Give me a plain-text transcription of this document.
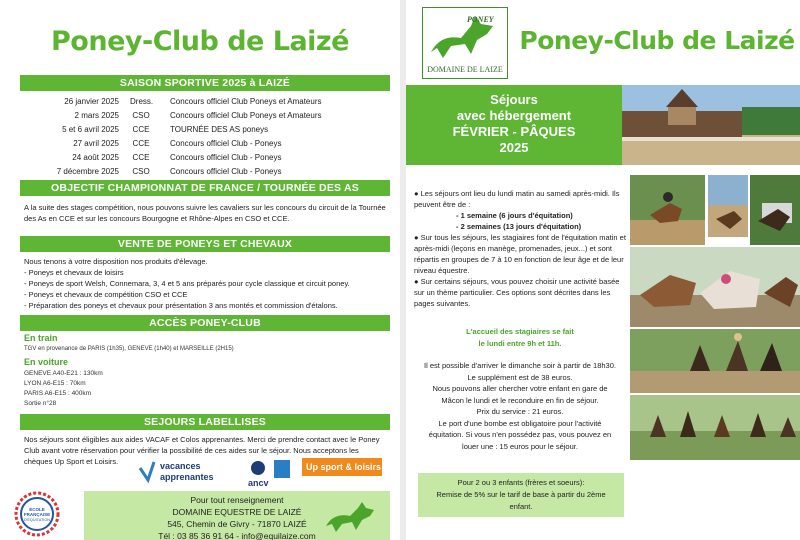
Poney-Club de Laizé
SAISON SPORTIVE 2025 à LAIZÉ
26 janvier 2025 Dress. Concours officiel Club Poneys et Amateurs
2 mars 2025 CSO	Concours officiel Club Poneys et Amateurs
5 et 6 avril 2025	CCE	TOURNÉE DES AS poneys
27 avril 2025	CCE	Concours officiel Club - Poneys
24 août 2025	CCE	Concours officiel Club - Poneys
7 décembre 2025 CSO	Concours officiel Club - Poneys
OBJECTIF CHAMPIONNAT DE FRANCE / TOURNÉE DES AS
A la suite des stages compétition, nous pouvons suivre les cavaliers sur les concours du circuit de la Tournée des As en CCE et sur les concours Bourgogne et Rhône-Alpes en CSO et CCE.
VENTE DE PONEYS ET CHEVAUX
Nous tenons à votre disposition nos produits d'élevage.
- Poneys et chevaux de loisirs
- Poneys de sport Welsh, Connemara, 3, 4 et 5 ans préparés pour cycle classique et circuit poney.
- Poneys et chevaux de compétition CSO et CCE
- Préparation des poneys et chevaux pour présentation 3 ans montés et commission d'étalons.
ACCÈS PONEY-CLUB
En train
TGV en provenance de PARIS (1h35), GENEVE (1h40) et MARSEILLE (2H15)
En voiture
GENEVE A40-E21 : 130km
LYON A6-E15 : 70km
PARIS A6-E15 : 400km
Sortie n°28
SEJOURS LABELLISES
Nos séjours sont éligibles aux aides VACAF et Colos apprenantes. Merci de prendre contact avec le Poney Club avant votre réservation pour vérifier la possibilité de ces aides sur le séjour. Nous acceptons les chèques Up Sport et Loisirs.	vacances
apprenantes
ancv
Up sport & loisirs
ÉCOLE
FRANÇAISE
D'ÉQUITATION
Pour tout renseignement
DOMAINE EQUESTRE DE LAIZÉ
545, Chemin de Givry - 71870 LAIZÉ
Tél : 03 85 36 91 64 - info@equilaize.com
PONEY
DOMAINE DE LAIZE
Poney-Club de Laizé
Séjours
avec hébergement
FÉVRIER - PÂQUES
2025
● Les séjours ont lieu du lundi matin au samedi après-midi. Ils peuvent être de :
- 1 semaine (6 jours d'équitation)
- 2 semaines (13 jours d'équitation)
● Sur tous les séjours, les stagiaires font de l'équitation matin et après-midi (leçons en manège, promenades, jeux...) et sont répartis en groupes de 7 à 10 en fonction de leur âge et de leur niveau équestre.
● Sur certains séjours, vous pouvez choisir une activité basée sur un thème particulier. Ces options sont décrites dans les pages suivantes.
L'accueil des stagiaires se fait
le lundi entre 9h et 11h.
Il est possible d'arriver le dimanche soir à partir de 18h30.
Le supplément est de 38 euros.
Nous pouvons aller chercher votre enfant en gare de
Mâcon le lundi et le reconduire en fin de séjour.
Prix du service : 21 euros.
Le port d'une bombe est obligatoire pour l'activité
équitation. Si vous n'en possédez pas, vous pouvez en
louer une : 15 euros pour le séjour.
Pour 2 ou 3 enfants (frères et soeurs):
Remise de 5% sur le tarif de base à partir du 2ème
enfant.
